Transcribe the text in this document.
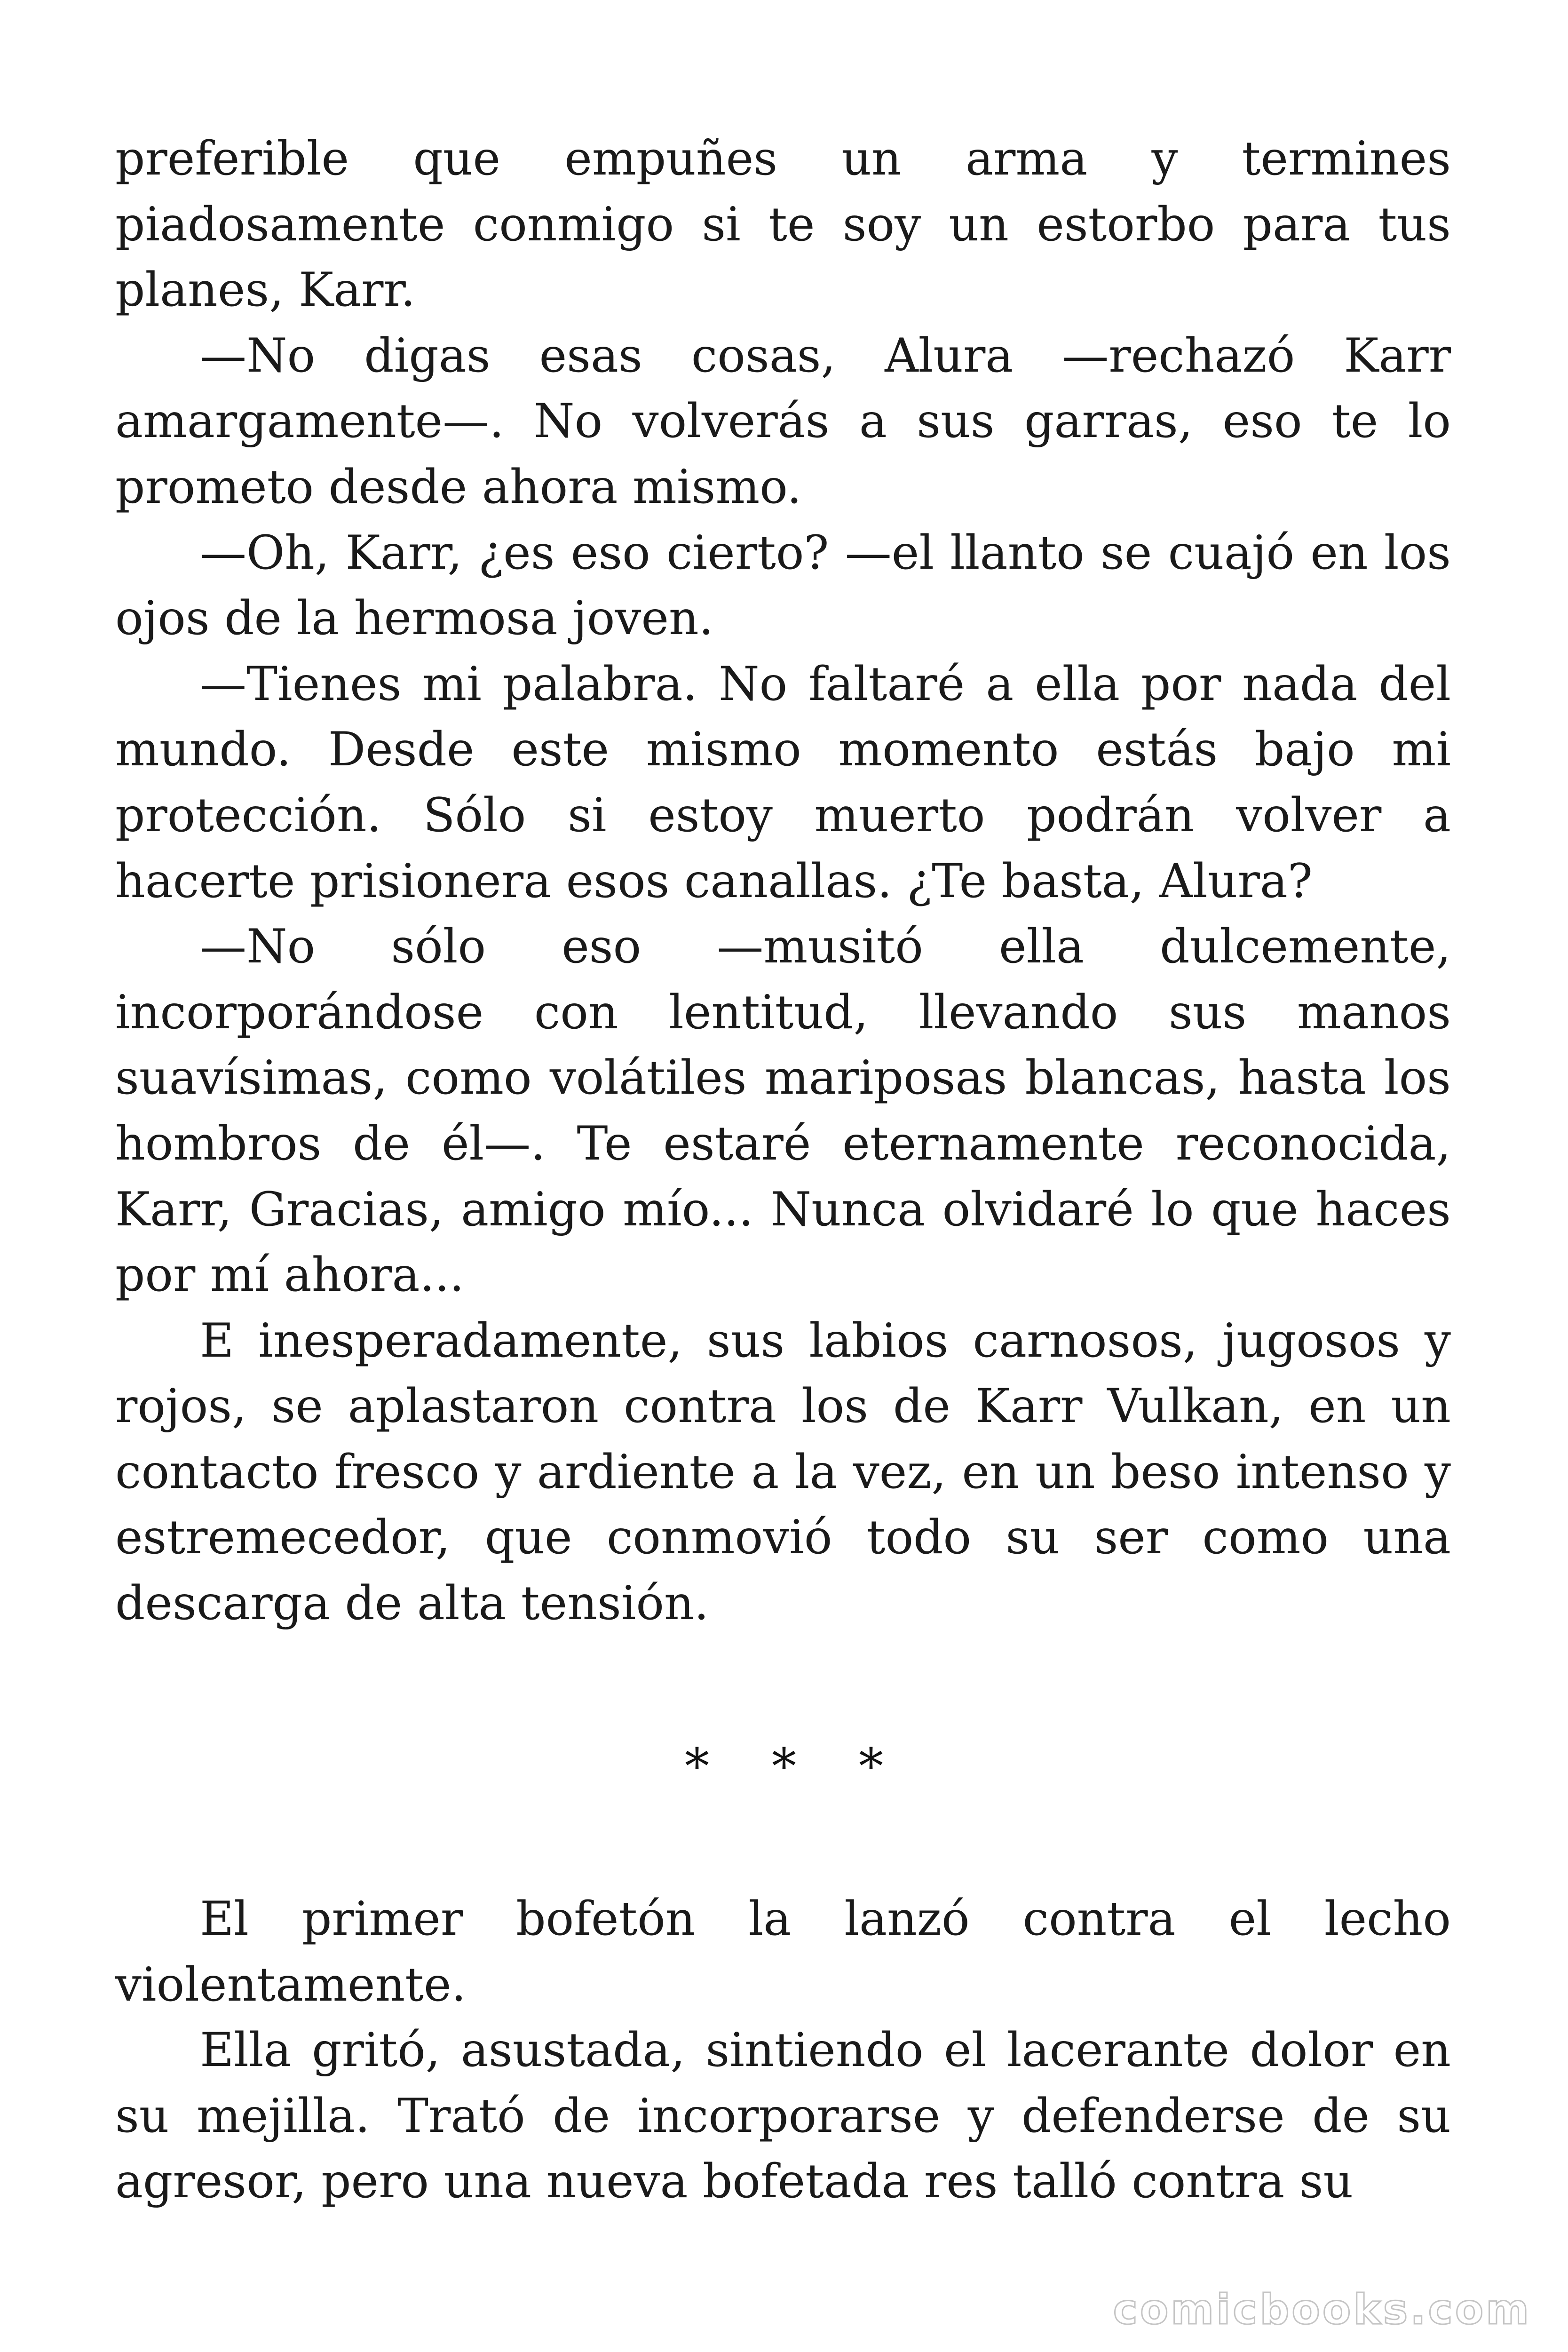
preferible que empuñes un arma y termines piadosamente conmigo si te soy un estorbo para tus planes, Karr.

—No digas esas cosas, Alura —rechazó Karr amargamente—. No volverás a sus garras, eso te lo prometo desde ahora mismo.

—Oh, Karr, ¿es eso cierto? —el llanto se cuajó en los ojos de la hermosa joven.

—Tienes mi palabra. No faltaré a ella por nada del mundo. Desde este mismo momento estás bajo mi protección. Sólo si estoy muerto podrán volver a hacerte prisionera esos canallas. ¿Te basta, Alura?

—No sólo eso —musitó ella dulcemente, incorporándose con lentitud, llevando sus manos suavísimas, como volátiles mariposas blancas, hasta los hombros de él—. Te estaré eternamente reconocida, Karr, Gracias, amigo mío... Nunca olvidaré lo que haces por mí ahora...

E inesperadamente, sus labios carnosos, jugosos y rojos, se aplastaron contra los de Karr Vulkan, en un contacto fresco y ardiente a la vez, en un beso intenso y estremecedor, que conmovió todo su ser como una descarga de alta tensión.

* * *

El primer bofetón la lanzó contra el lecho violentamente.

Ella gritó, asustada, sintiendo el lacerante dolor en su mejilla. Trató de incorporarse y defenderse de su agresor, pero una nueva bofetada res talló contra su

comicbooks.com
